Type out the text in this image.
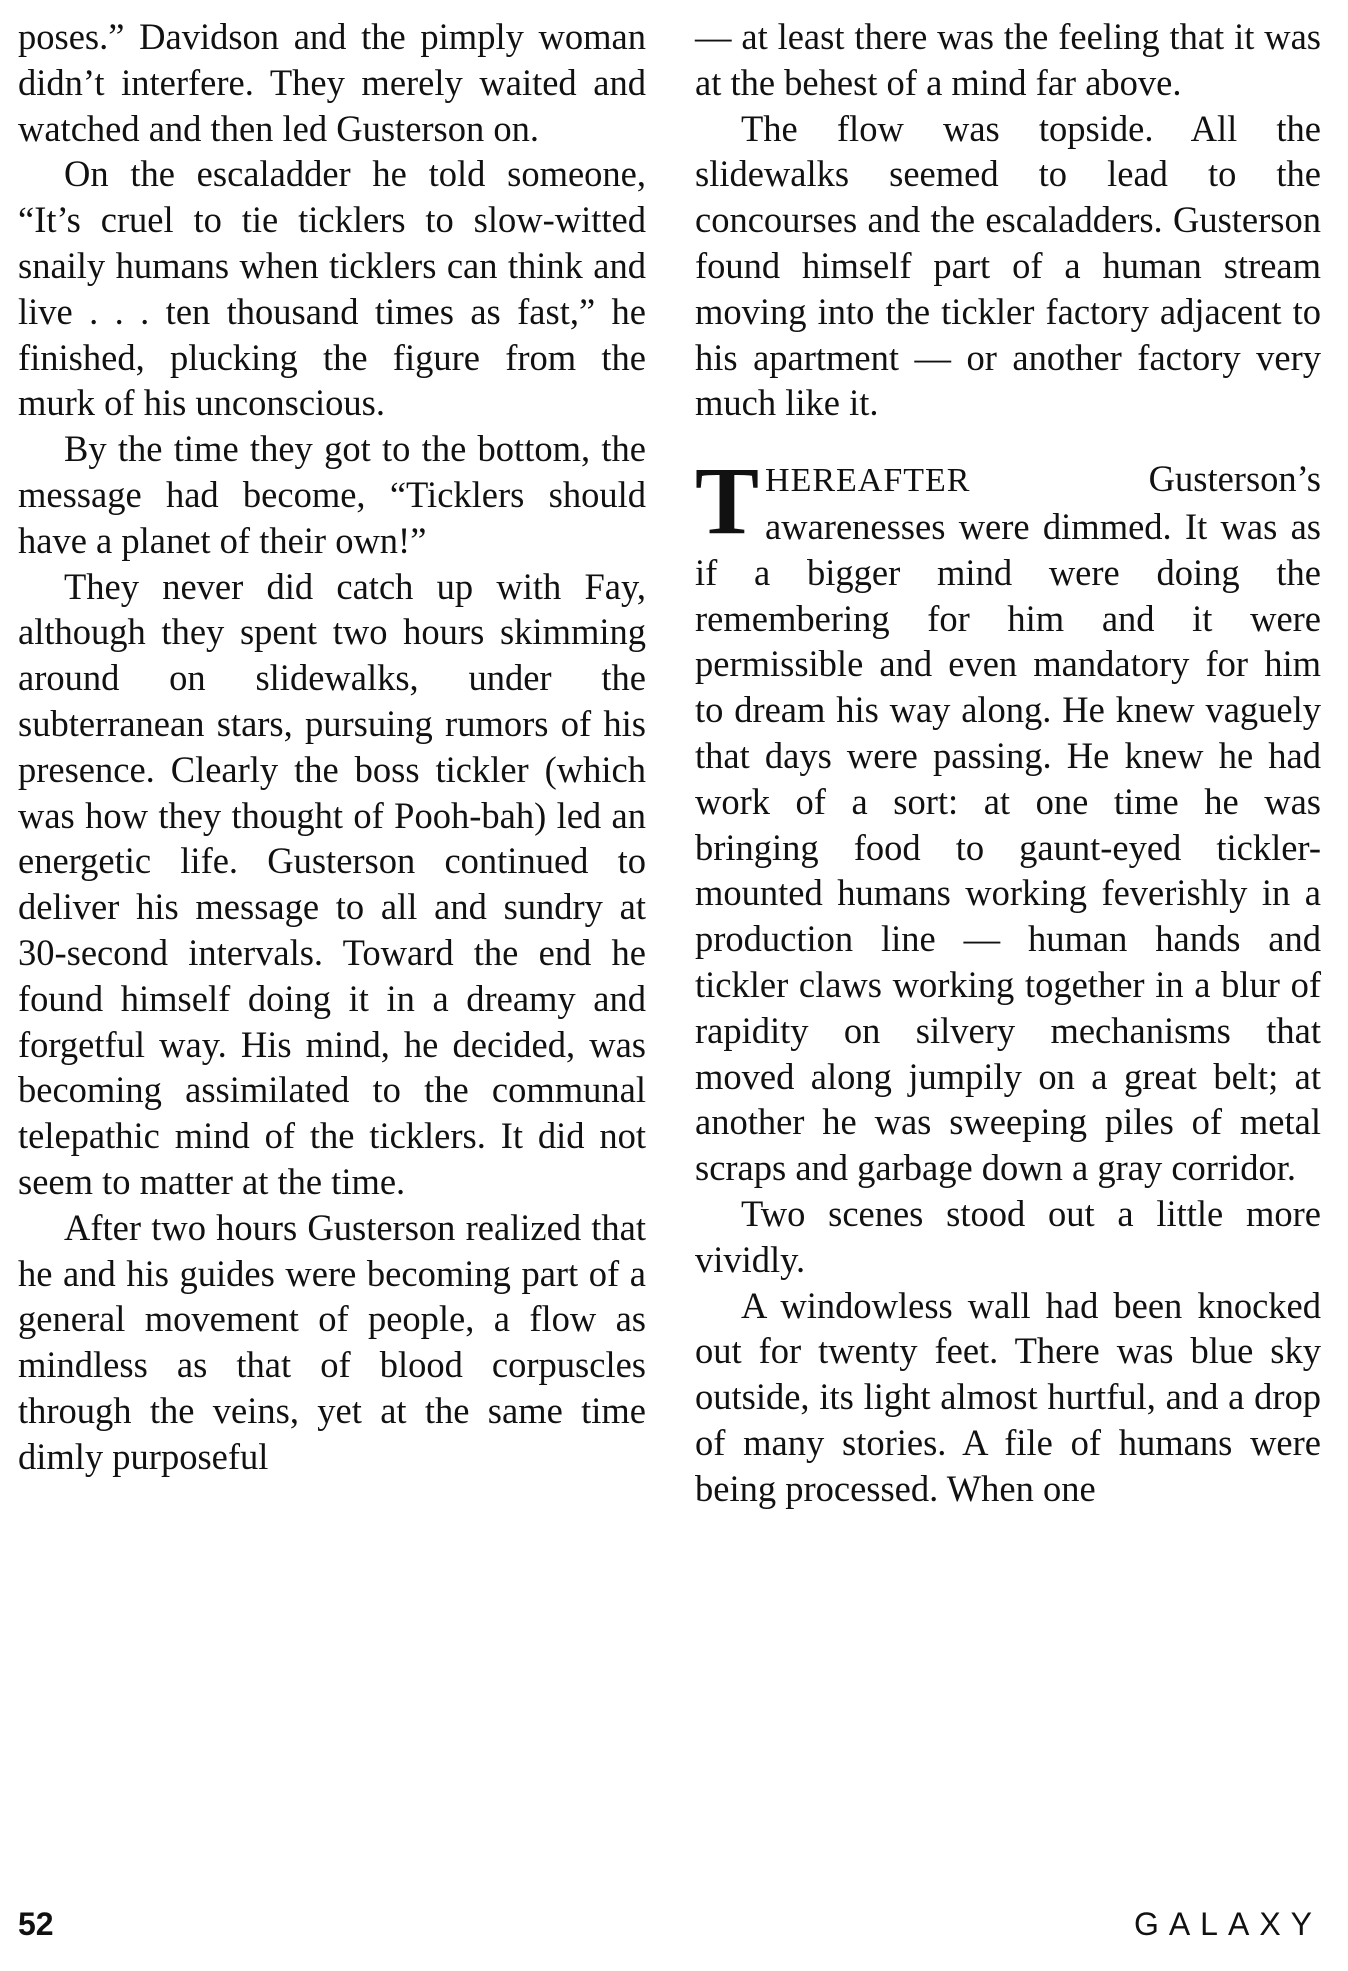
poses.” Davidson and the pimply woman didn’t interfere. They merely waited and watched and then led Gusterson on.

On the escaladder he told someone, “It’s cruel to tie ticklers to slow-witted snaily humans when ticklers can think and live . . . ten thousand times as fast,” he finished, plucking the figure from the murk of his unconscious.

By the time they got to the bottom, the message had become, “Ticklers should have a planet of their own!”

They never did catch up with Fay, although they spent two hours skimming around on slidewalks, under the subterranean stars, pursuing rumors of his presence. Clearly the boss tickler (which was how they thought of Pooh-bah) led an energetic life. Gusterson continued to deliver his message to all and sundry at 30-second intervals. Toward the end he found himself doing it in a dreamy and forgetful way. His mind, he decided, was becoming assimilated to the communal telepathic mind of the ticklers. It did not seem to matter at the time.

After two hours Gusterson realized that he and his guides were becoming part of a general movement of people, a flow as mindless as that of blood corpuscles through the veins, yet at the same time dimly purposeful

— at least there was the feeling that it was at the behest of a mind far above.

The flow was topside. All the slidewalks seemed to lead to the concourses and the escaladders. Gusterson found himself part of a human stream moving into the tickler factory adjacent to his apartment — or another factory very much like it.

THEREAFTER Gusterson’s awarenesses were dimmed. It was as if a bigger mind were doing the remembering for him and it were permissible and even mandatory for him to dream his way along. He knew vaguely that days were passing. He knew he had work of a sort: at one time he was bringing food to gaunt-eyed tickler-mounted humans working feverishly in a production line — human hands and tickler claws working together in a blur of rapidity on silvery mechanisms that moved along jumpily on a great belt; at another he was sweeping piles of metal scraps and garbage down a gray corridor.

Two scenes stood out a little more vividly.

A windowless wall had been knocked out for twenty feet. There was blue sky outside, its light almost hurtful, and a drop of many stories. A file of humans were being processed. When one

52	GALAXY
